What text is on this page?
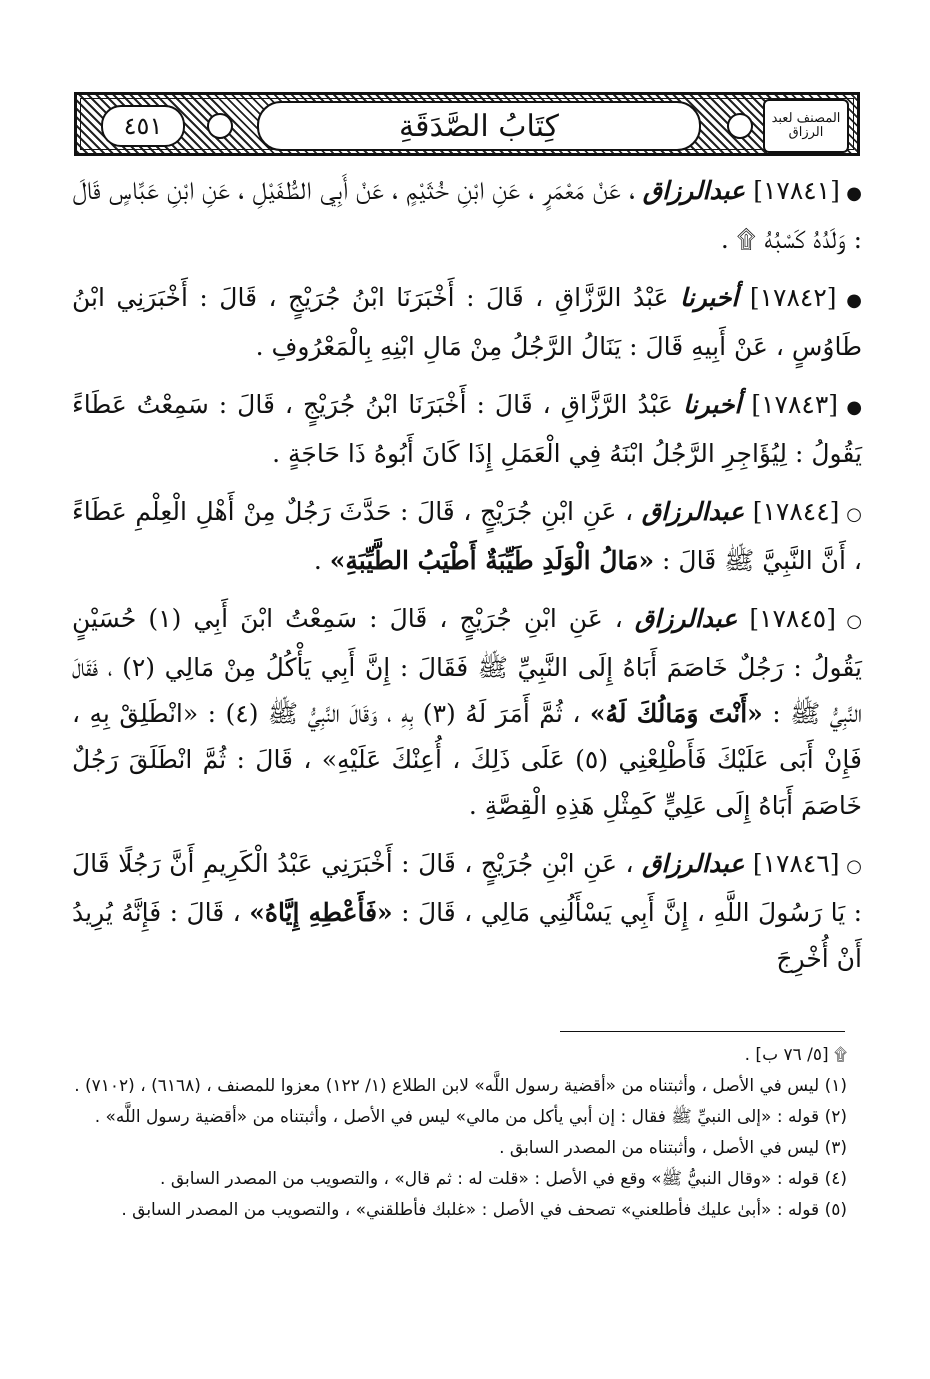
٤٥١	كِتَابُ الصَّدَقَةِ	المصنف لعبد الرزاق

● [١٧٨٤١] عبدالرزاق ، عَنْ مَعْمَرٍ ، عَنِ ابْنِ خُثَيْمٍ ، عَنْ أَبِي الطُّفَيْلِ ، عَنِ ابْنِ عَبَّاسٍ قَالَ : وَلَدُهُ كَسْبُهُ ۩ .

● [١٧٨٤٢] أخبرنا عَبْدُ الرَّزَّاقِ ، قَالَ : أَخْبَرَنَا ابْنُ جُرَيْجٍ ، قَالَ : أَخْبَرَنِي ابْنُ طَاوُسٍ ، عَنْ أَبِيهِ قَالَ : يَنَالُ الرَّجُلُ مِنْ مَالِ ابْنِهِ بِالْمَعْرُوفِ .

● [١٧٨٤٣] أخبرنا عَبْدُ الرَّزَّاقِ ، قَالَ : أَخْبَرَنَا ابْنُ جُرَيْجٍ ، قَالَ : سَمِعْتُ عَطَاءً يَقُولُ : لِيُؤَاجِرِ الرَّجُلُ ابْنَهُ فِي الْعَمَلِ إِذَا كَانَ أَبُوهُ ذَا حَاجَةٍ .

○ [١٧٨٤٤] عبدالرزاق ، عَنِ ابْنِ جُرَيْجٍ ، قَالَ : حَدَّثَ رَجُلٌ مِنْ أَهْلِ الْعِلْمِ عَطَاءً ، أَنَّ النَّبِيَّ ﷺ قَالَ : «مَالُ الْوَلَدِ طَيِّبَةٌ أَطْيَبُ الطَّيِّبَةِ» .

○ [١٧٨٤٥] عبدالرزاق ، عَنِ ابْنِ جُرَيْجٍ ، قَالَ : سَمِعْتُ ابْنَ أَبِي (١) حُسَيْنٍ يَقُولُ : رَجُلٌ خَاصَمَ أَبَاهُ إِلَى النَّبِيِّ ﷺ فَقَالَ : إِنَّ أَبِي يَأْكُلُ مِنْ مَالِي (٢) ، فَقَالَ النَّبِيُّ ﷺ : «أَنْتَ وَمَالُكَ لَهُ» ، ثُمَّ أَمَرَ لَهُ (٣) بِهِ ، وَقَالَ النَّبِيُّ ﷺ (٤) : «انْطَلِقْ بِهِ ، فَإِنْ أَبَى عَلَيْكَ فَأَطْلِعْنِي (٥) عَلَى ذَلِكَ ، أُعِنْكَ عَلَيْهِ» ، قَالَ : ثُمَّ انْطَلَقَ رَجُلٌ خَاصَمَ أَبَاهُ إِلَى عَلِيٍّ كَمِثْلِ هَذِهِ الْقِصَّةِ .

○ [١٧٨٤٦] عبدالرزاق ، عَنِ ابْنِ جُرَيْجٍ ، قَالَ : أَخْبَرَنِي عَبْدُ الْكَرِيمِ أَنَّ رَجُلًا قَالَ : يَا رَسُولَ اللَّهِ ، إِنَّ أَبِي يَسْأَلُنِي مَالِي ، قَالَ : «فَأَعْطِهِ إِيَّاهُ» ، قَالَ : فَإِنَّهُ يُرِيدُ أَنْ أُخْرِجَ

۩ [٥/ ٧٦ ب] .

(١) ليس في الأصل ، وأثبتناه من «أقضية رسول اللَّه» لابن الطلاع (١/ ١٢٢) معزوا للمصنف ، (٦١٦٨) ، (٧١٠٢) .

(٢) قوله : «إلى النبيِّ ﷺ فقال : إن أبي يأكل من مالي» ليس في الأصل ، وأثبتناه من «أقضية رسول اللَّه» .

(٣) ليس في الأصل ، وأثبتناه من المصدر السابق .

(٤) قوله : «وقال النبيُّ ﷺ» وقع في الأصل : «قلت له : ثم قال» ، والتصويب من المصدر السابق .

(٥) قوله : «أبىٰ عليك فأطلعني» تصحف في الأصل : «غلبك فأطلقني» ، والتصويب من المصدر السابق .
